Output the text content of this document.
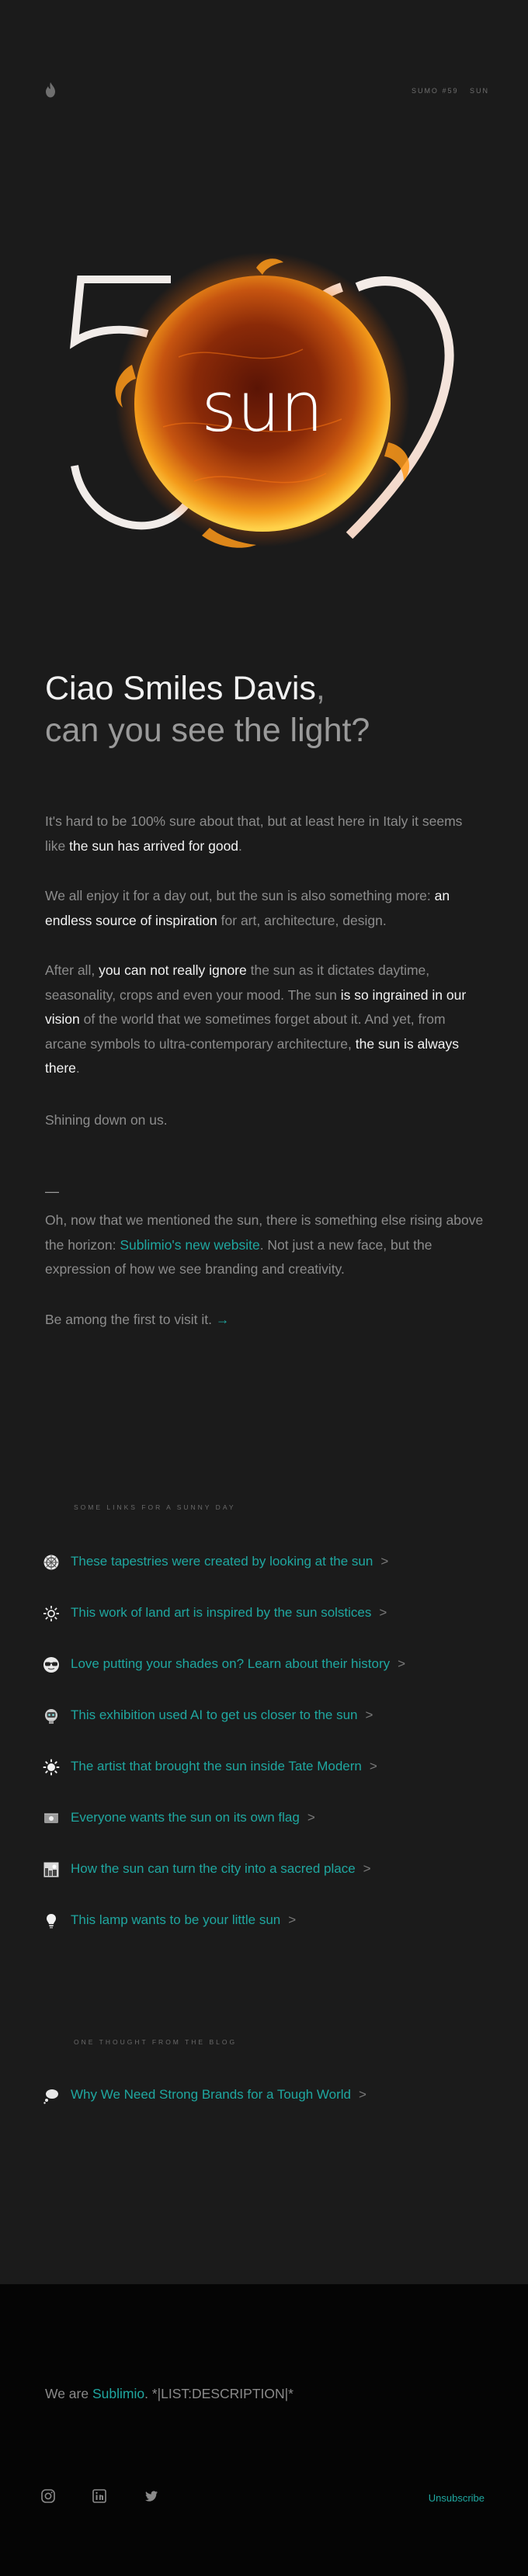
SUMO #59 SUN
sun
Ciao Smiles Davis,
can you see the light?

It's hard to be 100% sure about that, but at least here in Italy it seems like the sun has arrived for good.

We all enjoy it for a day out, but the sun is also something more: an endless source of inspiration for art, architecture, design.

After all, you can not really ignore the sun as it dictates daytime, seasonality, crops and even your mood. The sun is so ingrained in our vision of the world that we sometimes forget about it. And yet, from arcane symbols to ultra-contemporary architecture, the sun is always there.

Shining down on us.

—

Oh, now that we mentioned the sun, there is something else rising above the horizon: Sublimio's new website. Not just a new face, but the expression of how we see branding and creativity.

Be among the first to visit it. →

SOME LINKS FOR A SUNNY DAY
These tapestries were created by looking at the sun >
This work of land art is inspired by the sun solstices >
Love putting your shades on? Learn about their history >
This exhibition used AI to get us closer to the sun >
The artist that brought the sun inside Tate Modern >
Everyone wants the sun on its own flag >
How the sun can turn the city into a sacred place >
This lamp wants to be your little sun >
ONE THOUGHT FROM THE BLOG
Why We Need Strong Brands for a Tough World >
We are Sublimio. *|LIST:DESCRIPTION|*
Unsubscribe
